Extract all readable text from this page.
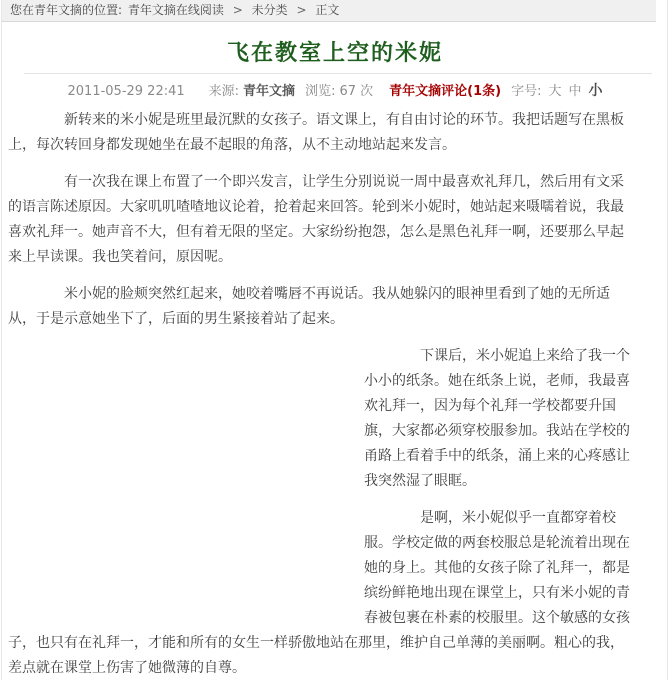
您在青年文摘的位置: 青年文摘在线阅读 > 未分类 > 正文
飞在教室上空的米妮
2011-05-29 22:41 来源: 青年文摘 浏览: 67 次 青年文摘评论(1条) 字号: 大 中 小

新转来的米小妮是班里最沉默的女孩子。语文课上，有自由讨论的环节。我把话题写在黑板上，每次转回身都发现她坐在最不起眼的角落，从不主动地站起来发言。

有一次我在课上布置了一个即兴发言，让学生分别说说一周中最喜欢礼拜几，然后用有文采的语言陈述原因。大家叽叽喳喳地议论着，抢着起来回答。轮到米小妮时，她站起来嗫嚅着说，我最喜欢礼拜一。她声音不大，但有着无限的坚定。大家纷纷抱怨，怎么是黑色礼拜一啊，还要那么早起来上早读课。我也笑着问，原因呢。

米小妮的脸颊突然红起来，她咬着嘴唇不再说话。我从她躲闪的眼神里看到了她的无所适从，于是示意她坐下了，后面的男生紧接着站了起来。

下课后，米小妮追上来给了我一个小小的纸条。她在纸条上说，老师，我最喜欢礼拜一，因为每个礼拜一学校都要升国旗，大家都必须穿校服参加。我站在学校的甬路上看着手中的纸条，涌上来的心疼感让我突然湿了眼眶。

是啊，米小妮似乎一直都穿着校服。学校定做的两套校服总是轮流着出现在她的身上。其他的女孩子除了礼拜一，都是缤纷鲜艳地出现在课堂上，只有米小妮的青春被包裹在朴素的校服里。这个敏感的女孩子，也只有在礼拜一，才能和所有的女生一样骄傲地站在那里，维护自己单薄的美丽啊。粗心的我，差点就在课堂上伤害了她微薄的自尊。
